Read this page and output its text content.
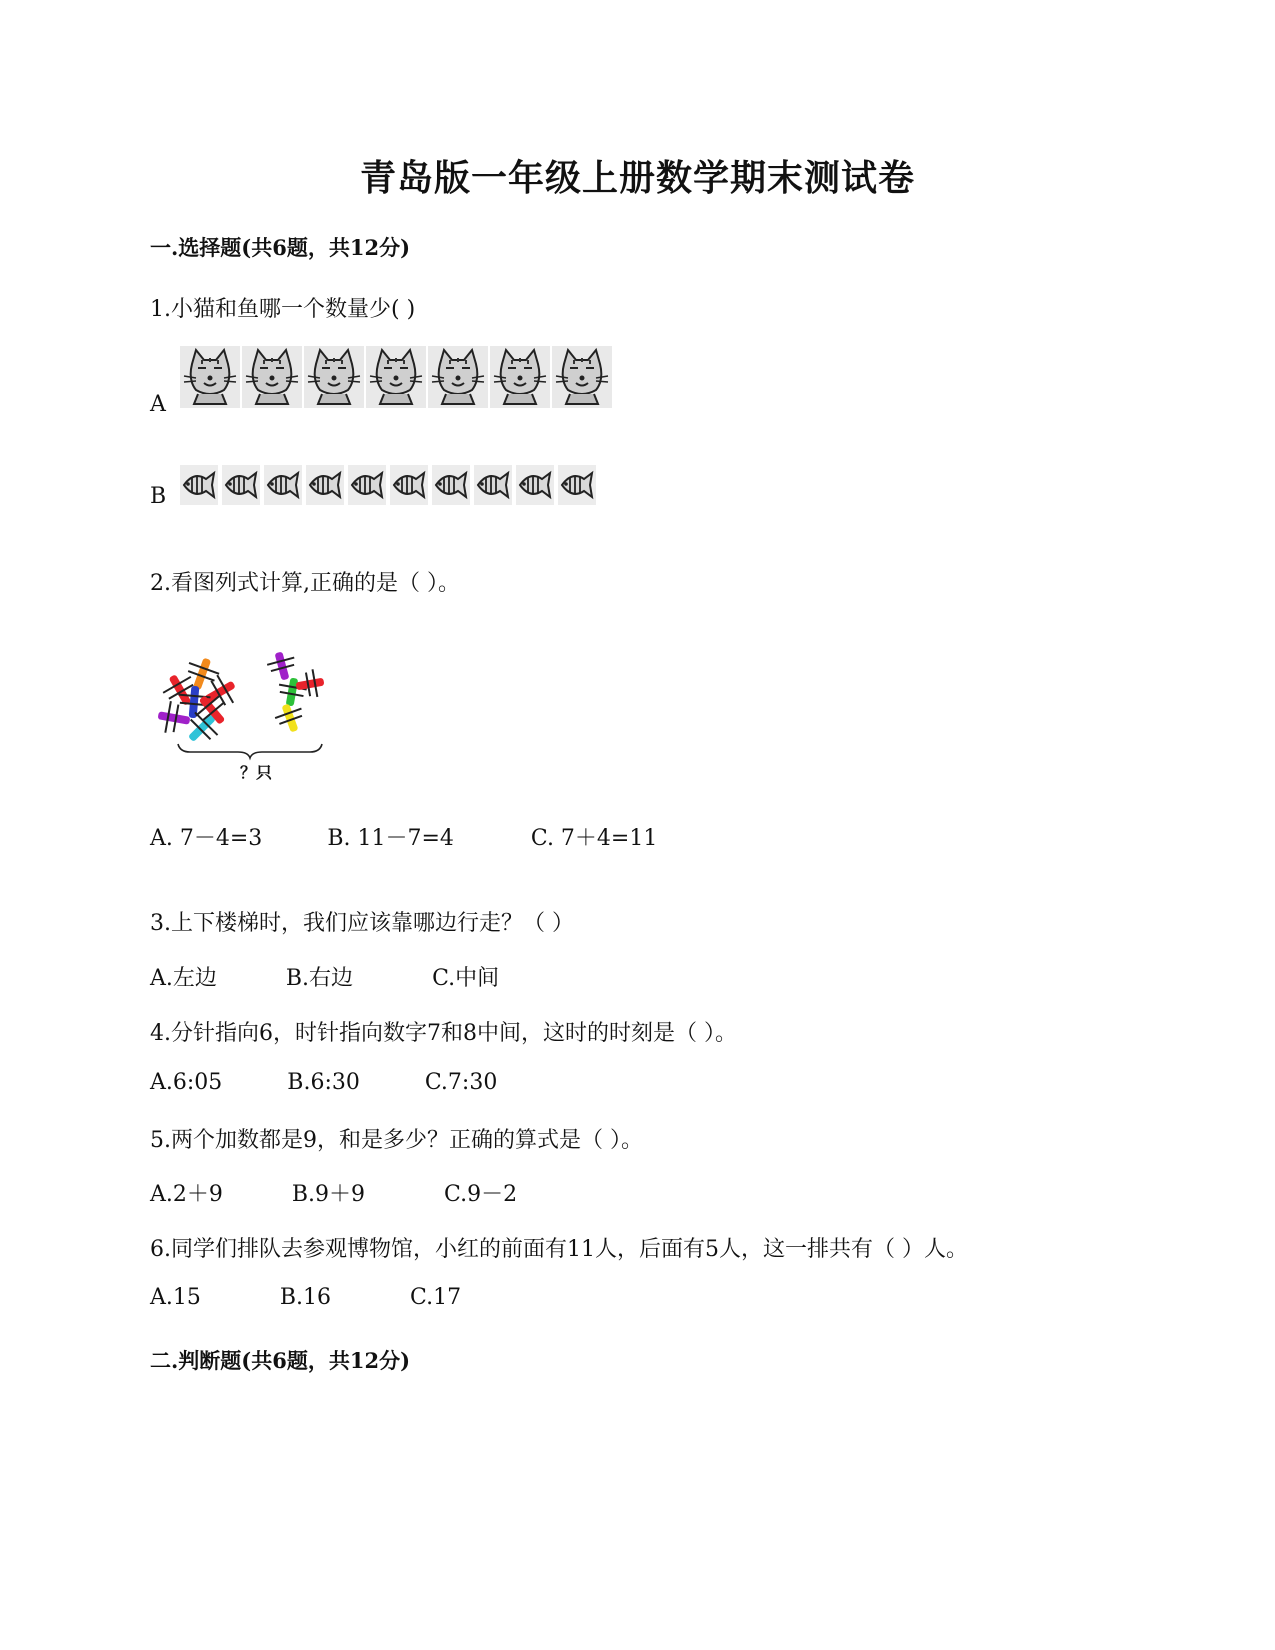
青岛版一年级上册数学期末测试卷
一.选择题(共6题，共12分)
1.小猫和鱼哪一个数量少( )
A
B
2.看图列式计算,正确的是（ ）。
？只
A. 7－4=3	B. 11－7=4	C. 7＋4=11
3.上下楼梯时，我们应该靠哪边行走？（ ）
A.左边	B.右边	C.中间
4.分针指向6，时针指向数字7和8中间，这时的时刻是（ ）。
A.6:05	B.6:30	C.7:30
5.两个加数都是9，和是多少？正确的算式是（ ）。
A.2＋9	B.9＋9	C.9－2
6.同学们排队去参观博物馆，小红的前面有11人，后面有5人，这一排共有（ ）人。
A.15	B.16	C.17
二.判断题(共6题，共12分)
